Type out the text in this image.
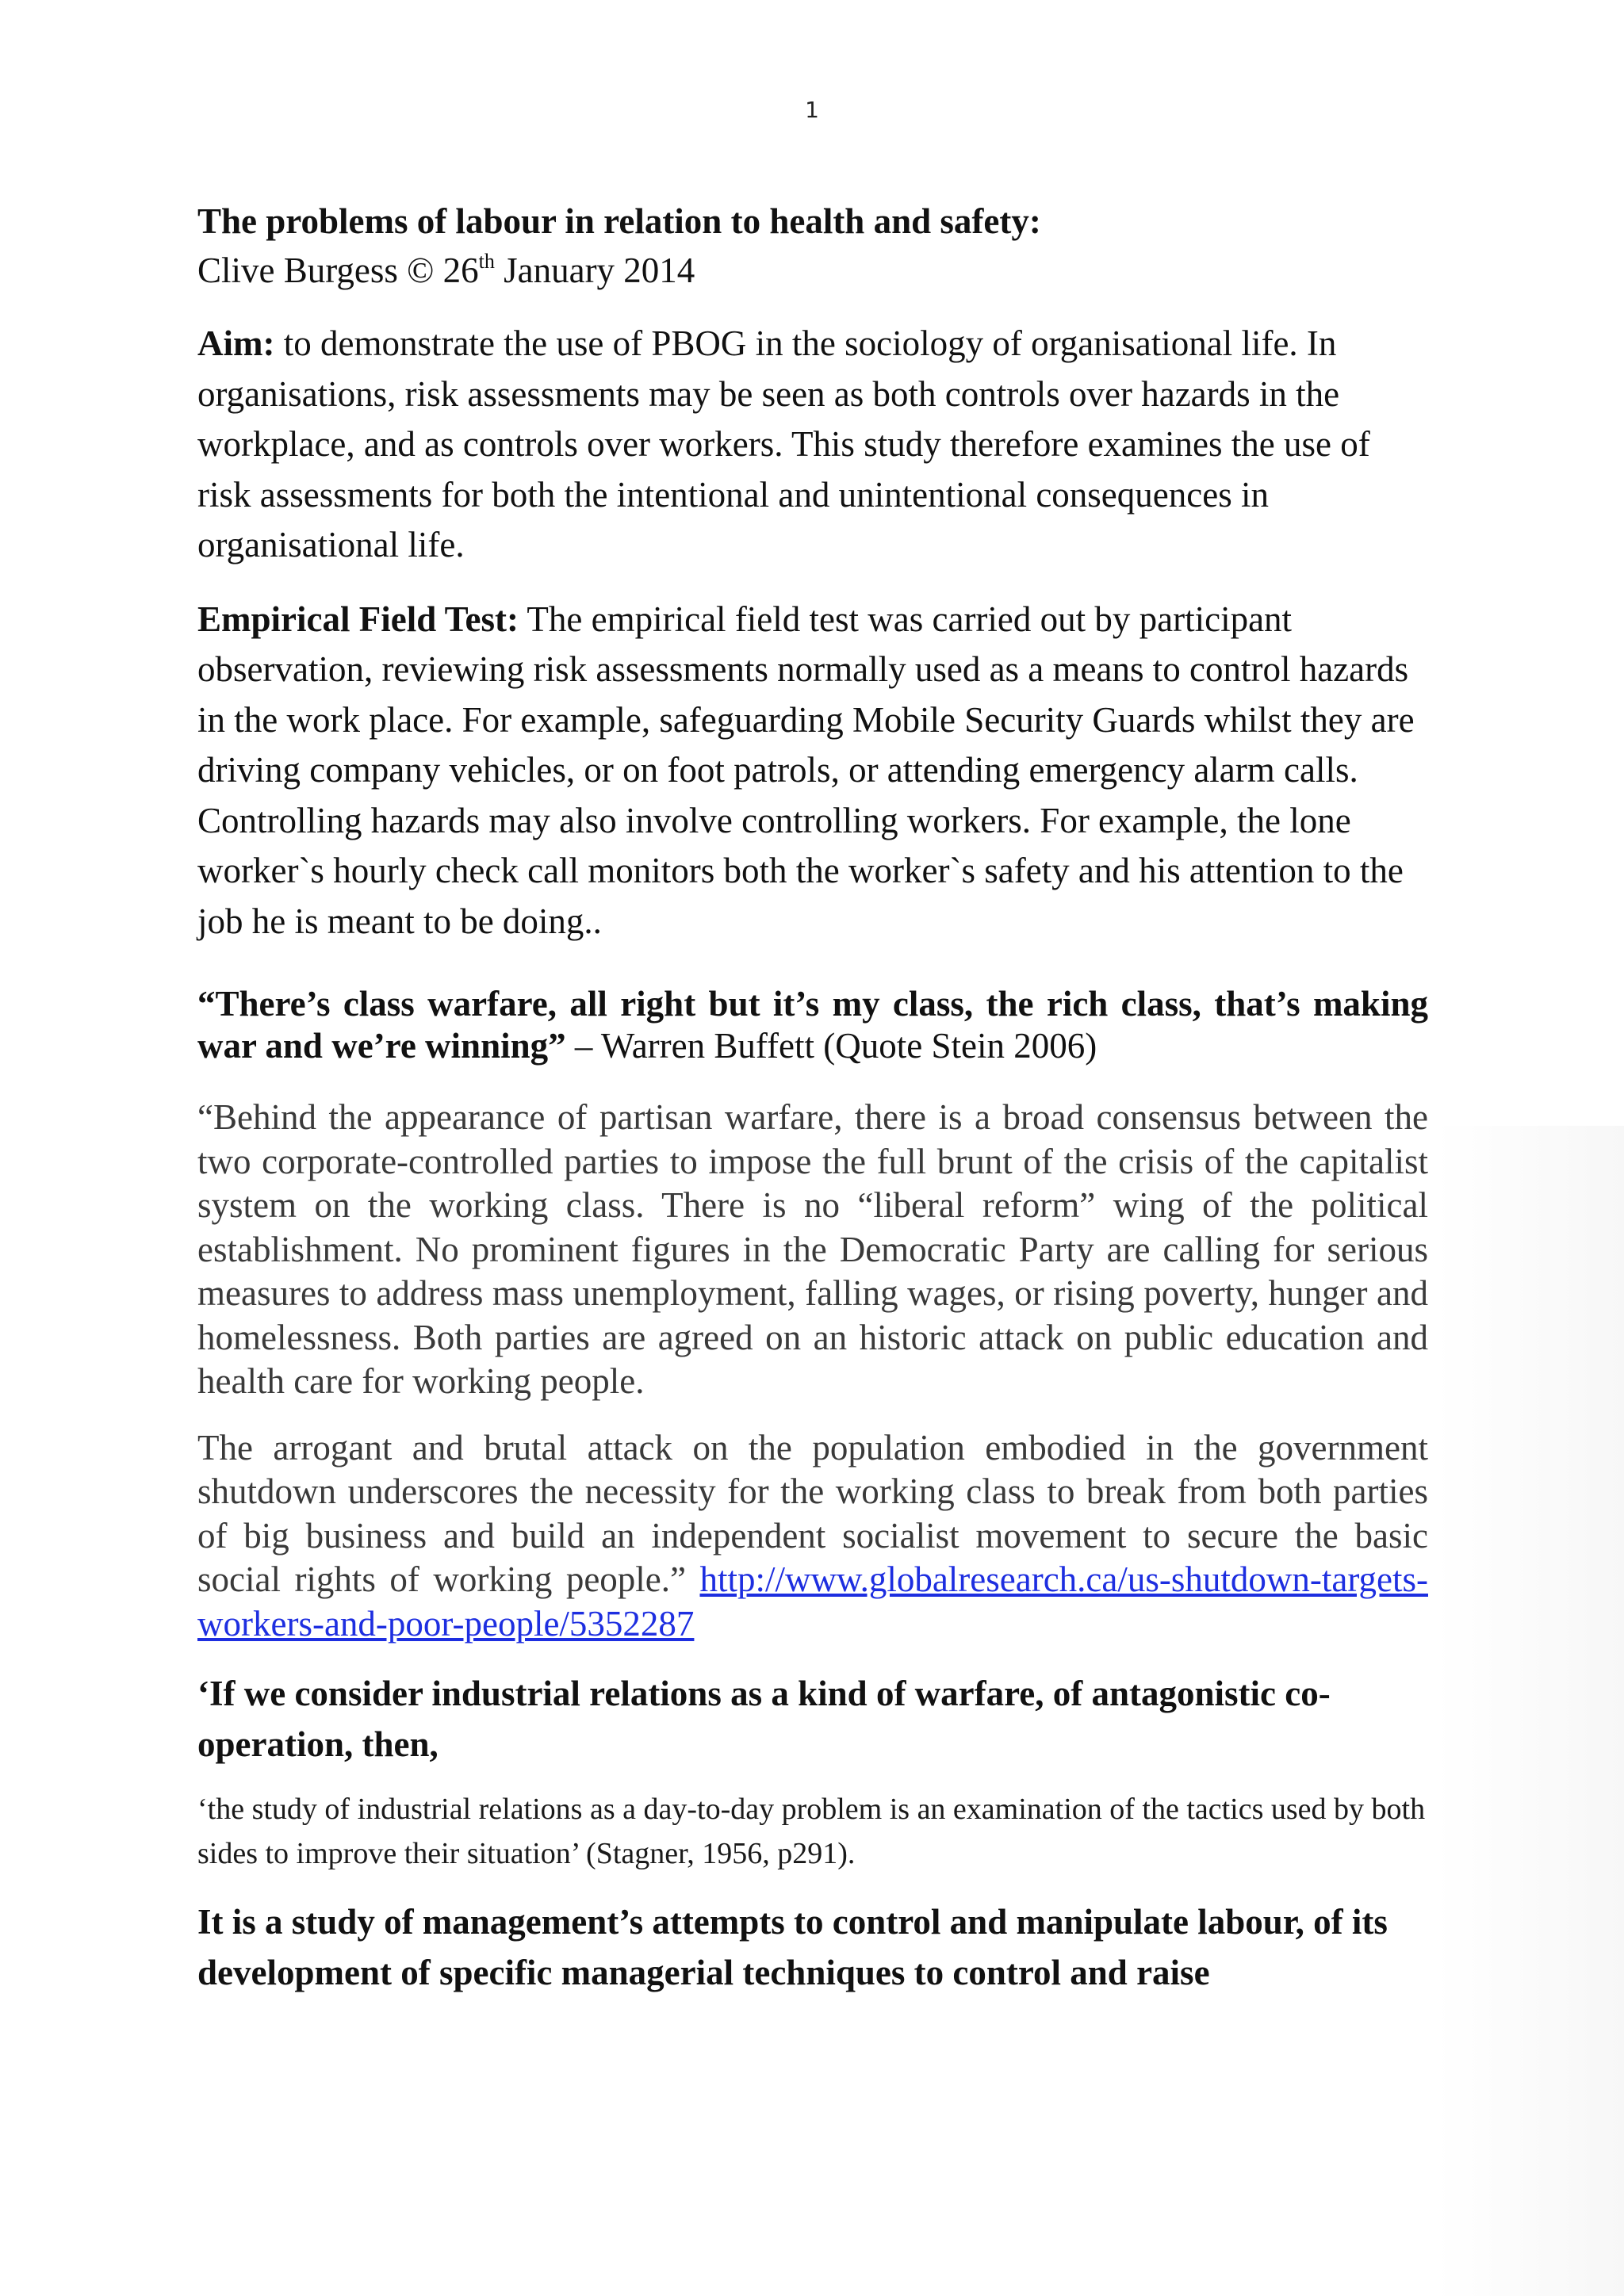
1

The problems of labour in relation to health and safety:

Clive Burgess © 26th January 2014

Aim: to demonstrate the use of PBOG in the sociology of organisational life. In organisations, risk assessments may be seen as both controls over hazards in the workplace, and as controls over workers. This study therefore examines the use of risk assessments for both the intentional and unintentional consequences in organisational life.

Empirical Field Test: The empirical field test was carried out by participant observation, reviewing risk assessments normally used as a means to control hazards in the work place. For example, safeguarding Mobile Security Guards whilst they are driving company vehicles, or on foot patrols, or attending emergency alarm calls. Controlling hazards may also involve controlling workers. For example, the lone worker`s hourly check call monitors both the worker`s safety and his attention to the job he is meant to be doing..

“There’s class warfare, all right but it’s my class, the rich class, that’s making war and we’re winning” – Warren Buffett (Quote Stein 2006)

“Behind the appearance of partisan warfare, there is a broad consensus between the two corporate-controlled parties to impose the full brunt of the crisis of the capitalist system on the working class. There is no “liberal reform” wing of the political establishment. No prominent figures in the Democratic Party are calling for serious measures to address mass unemployment, falling wages, or rising poverty, hunger and homelessness. Both parties are agreed on an historic attack on public education and health care for working people.

The arrogant and brutal attack on the population embodied in the government shutdown underscores the necessity for the working class to break from both parties of big business and build an independent socialist movement to secure the basic social rights of working people.” http://www.globalresearch.ca/us-shutdown-targets-workers-and-poor-people/5352287

‘If we consider industrial relations as a kind of warfare, of antagonistic co-operation, then,

‘the study of industrial relations as a day-to-day problem is an examination of the tactics used by both sides to improve their situation’ (Stagner, 1956, p291).

It is a study of management’s attempts to control and manipulate labour, of its development of specific managerial techniques to control and raise
